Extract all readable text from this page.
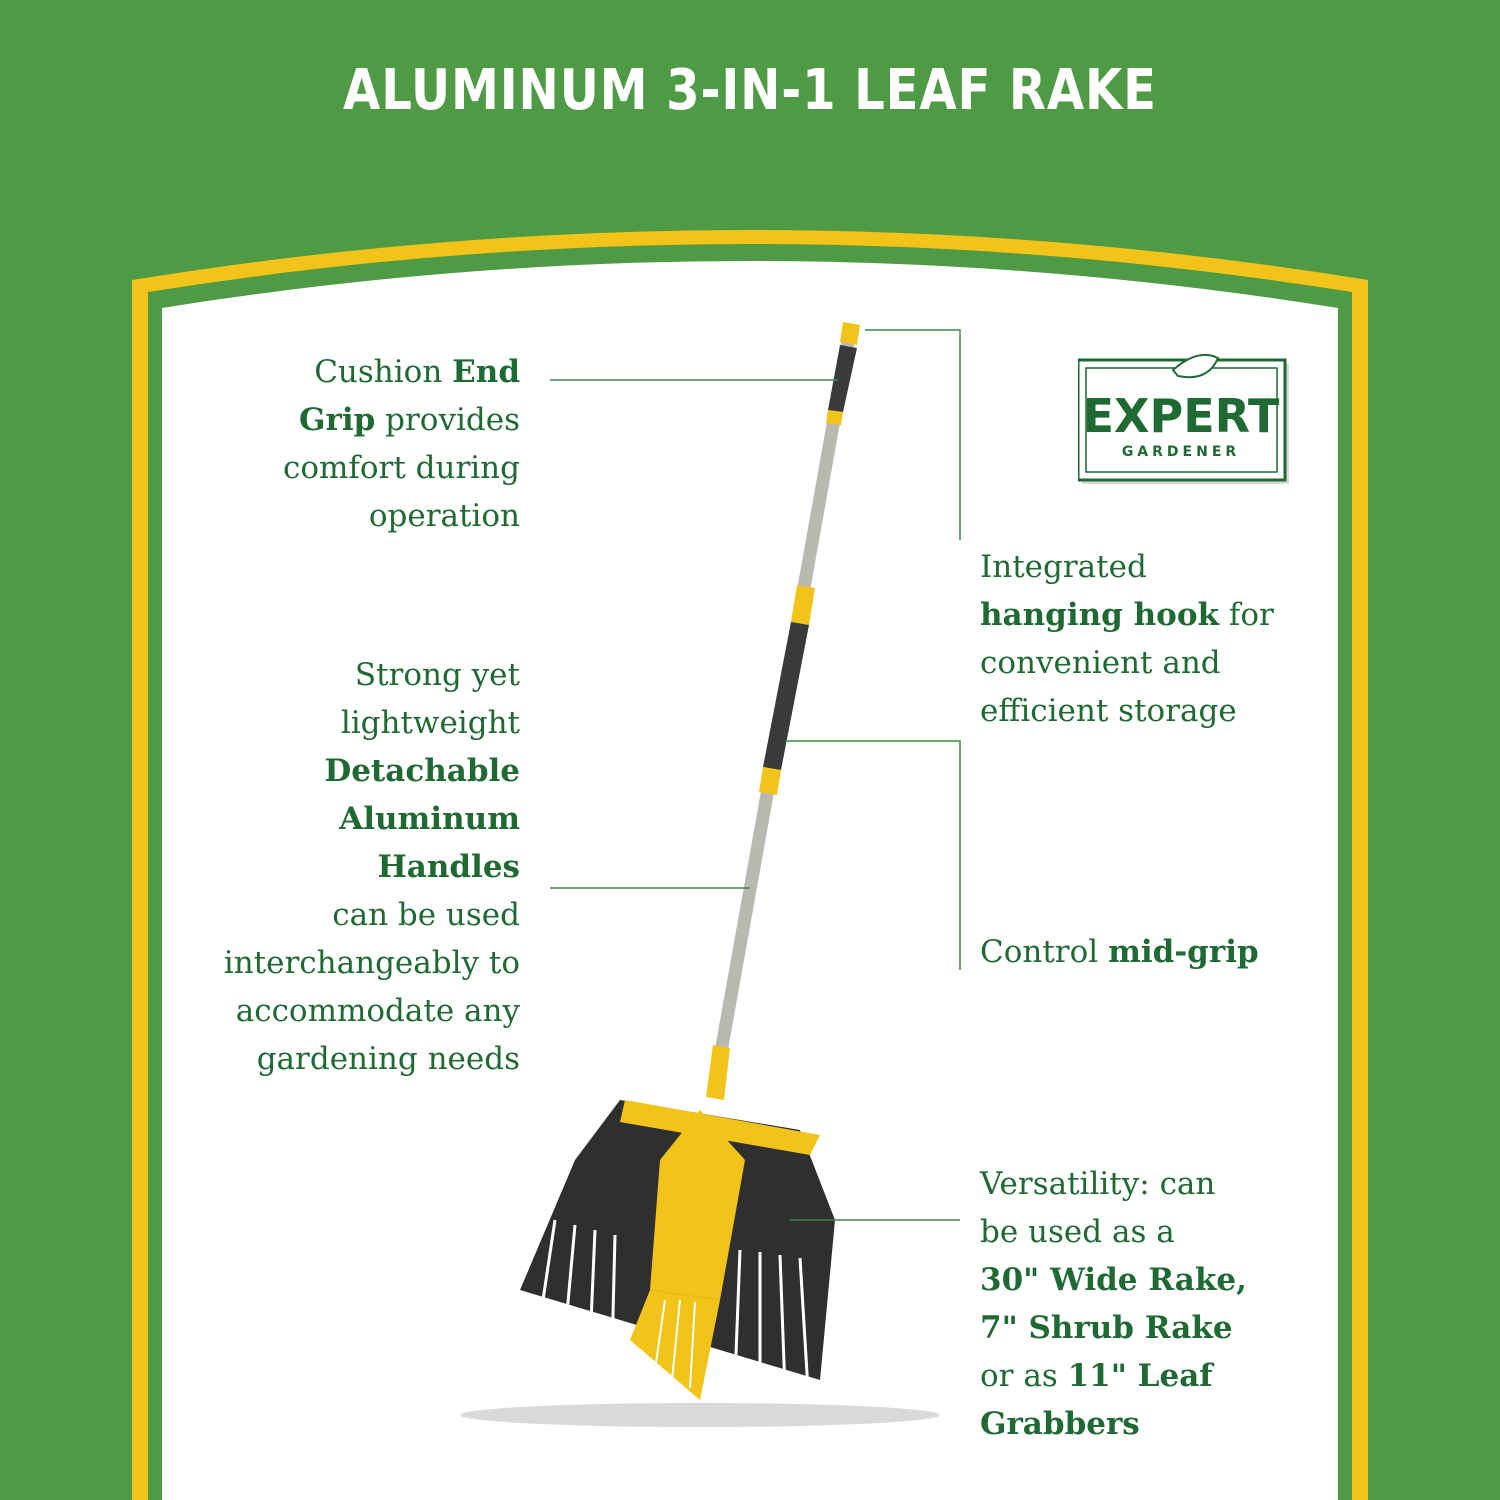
ALUMINUM 3-IN-1 LEAF RAKE
EXPERT
GARDENER
Cushion End
Grip provides
comfort during
operation
Strong yet
lightweight
Detachable
Aluminum
Handles
can be used
interchangeably to
accommodate any
gardening needs
Integrated
hanging hook for
convenient and
efficient storage
Control mid-grip
Versatility: can
be used as a
30" Wide Rake,
7" Shrub Rake
or as 11" Leaf
Grabbers
